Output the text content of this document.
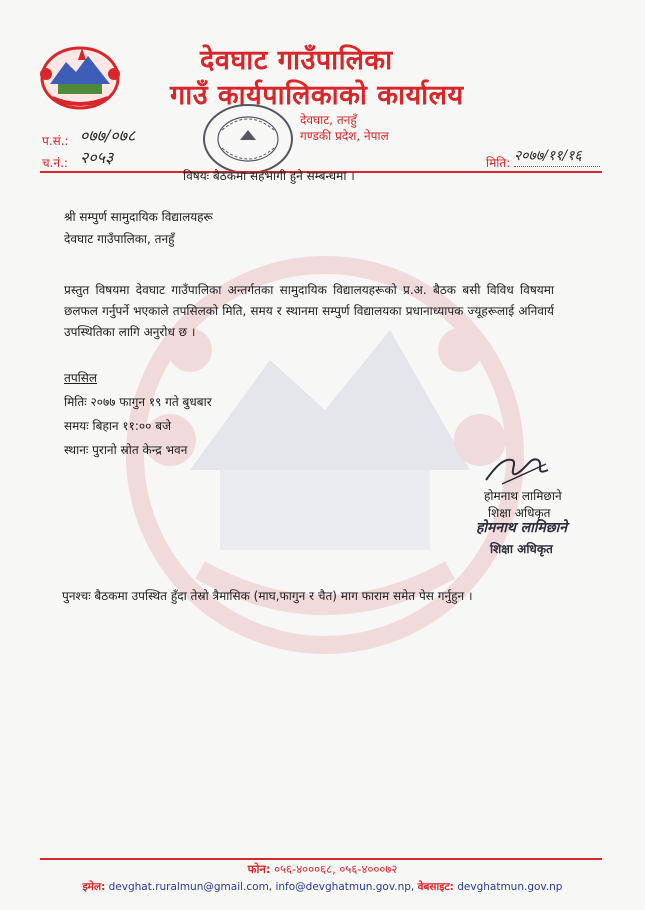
देवघाट गाउँपालिका
गाउँ कार्यपालिकाको कार्यालय
देवघाट, तनहुँ
गण्डकी प्रदेश, नेपाल
प.सं.: ०७७/०७८
च.नं.: २०५३	मिति: २०७७/११/१६
विषयः बैठकमा सहभागी हुने सम्बन्धमा ।
श्री सम्पुर्ण सामुदायिक विद्यालयहरू
देवघाट गाउँपालिका, तनहुँ
प्रस्तुत विषयमा देवघाट गाउँपालिका अन्तर्गतका सामुदायिक विद्यालयहरूको प्र.अ. बैठक बसी विविध विषयमा छलफल गर्नुपर्ने भएकाले तपसिलको मिति, समय र स्थानमा सम्पुर्ण विद्यालयका प्रधानाध्यापक ज्यूहरूलाई अनिवार्य उपस्थितिका लागि अनुरोध छ ।
तपसिल
मितिः २०७७ फागुन १९ गते बुधबार
समयः बिहान ११:०० बजे
स्थानः पुरानो स्रोत केन्द्र भवन
होमनाथ लामिछाने
शिक्षा अधिकृत
होमनाथ लामिछाने
शिक्षा अधिकृत
पुनश्चः बैठकमा उपस्थित हुँदा तेस्रो त्रैमासिक (माघ,फागुन र चैत) माग फाराम समेत पेस गर्नुहुन ।
फोन: ०५६-४०००६८, ०५६-४०००७२
इमेल: devghat.ruralmun@gmail.com, info@devghatmun.gov.np, वेबसाइट: devghatmun.gov.np
